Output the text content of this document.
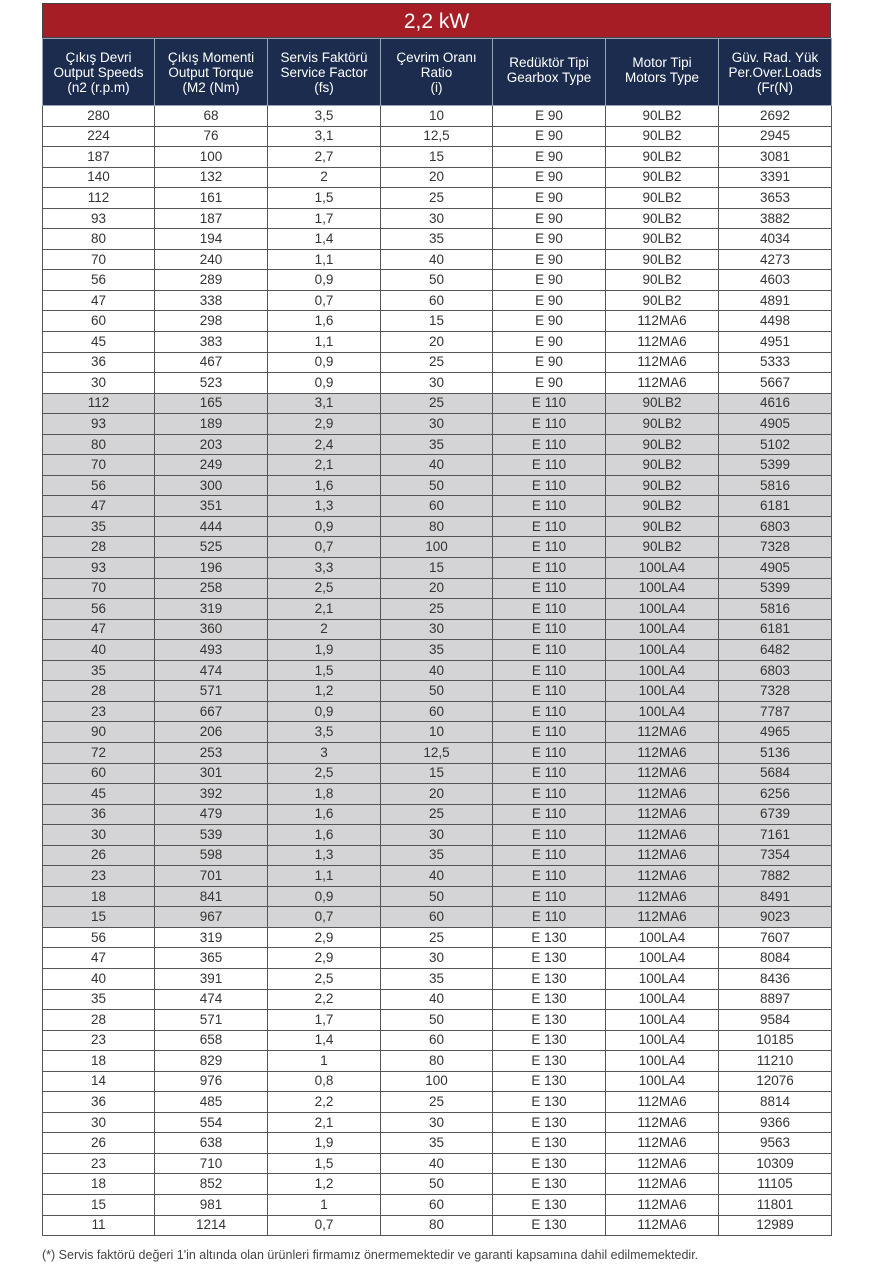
2,2 kW
Çıkış Devri
Output Speeds
(n2 (r.p.m)	Çıkış Momenti
Output Torque
(M2 (Nm)	Servis Faktörü
Service Factor
(fs)	Çevrim Oranı
Ratio
(i)	Redüktör Tipi
Gearbox Type	Motor Tipi
Motors Type	Güv. Rad. Yük
Per.Over.Loads
(Fr(N)
280	68	3,5	10	E 90	90LB2	2692
224	76	3,1	12,5	E 90	90LB2	2945
187	100	2,7	15	E 90	90LB2	3081
140	132	2	20	E 90	90LB2	3391
112	161	1,5	25	E 90	90LB2	3653
93	187	1,7	30	E 90	90LB2	3882
80	194	1,4	35	E 90	90LB2	4034
70	240	1,1	40	E 90	90LB2	4273
56	289	0,9	50	E 90	90LB2	4603
47	338	0,7	60	E 90	90LB2	4891
60	298	1,6	15	E 90	112MA6	4498
45	383	1,1	20	E 90	112MA6	4951
36	467	0,9	25	E 90	112MA6	5333
30	523	0,9	30	E 90	112MA6	5667
112	165	3,1	25	E 110	90LB2	4616
93	189	2,9	30	E 110	90LB2	4905
80	203	2,4	35	E 110	90LB2	5102
70	249	2,1	40	E 110	90LB2	5399
56	300	1,6	50	E 110	90LB2	5816
47	351	1,3	60	E 110	90LB2	6181
35	444	0,9	80	E 110	90LB2	6803
28	525	0,7	100	E 110	90LB2	7328
93	196	3,3	15	E 110	100LA4	4905
70	258	2,5	20	E 110	100LA4	5399
56	319	2,1	25	E 110	100LA4	5816
47	360	2	30	E 110	100LA4	6181
40	493	1,9	35	E 110	100LA4	6482
35	474	1,5	40	E 110	100LA4	6803
28	571	1,2	50	E 110	100LA4	7328
23	667	0,9	60	E 110	100LA4	7787
90	206	3,5	10	E 110	112MA6	4965
72	253	3	12,5	E 110	112MA6	5136
60	301	2,5	15	E 110	112MA6	5684
45	392	1,8	20	E 110	112MA6	6256
36	479	1,6	25	E 110	112MA6	6739
30	539	1,6	30	E 110	112MA6	7161
26	598	1,3	35	E 110	112MA6	7354
23	701	1,1	40	E 110	112MA6	7882
18	841	0,9	50	E 110	112MA6	8491
15	967	0,7	60	E 110	112MA6	9023
56	319	2,9	25	E 130	100LA4	7607
47	365	2,9	30	E 130	100LA4	8084
40	391	2,5	35	E 130	100LA4	8436
35	474	2,2	40	E 130	100LA4	8897
28	571	1,7	50	E 130	100LA4	9584
23	658	1,4	60	E 130	100LA4	10185
18	829	1	80	E 130	100LA4	11210
14	976	0,8	100	E 130	100LA4	12076
36	485	2,2	25	E 130	112MA6	8814
30	554	2,1	30	E 130	112MA6	9366
26	638	1,9	35	E 130	112MA6	9563
23	710	1,5	40	E 130	112MA6	10309
18	852	1,2	50	E 130	112MA6	11105
15	981	1	60	E 130	112MA6	11801
11	1214	0,7	80	E 130	112MA6	12989
(*) Servis faktörü değeri 1'in altında olan ürünleri firmamız önermemektedir ve garanti kapsamına dahil edilmemektedir.
